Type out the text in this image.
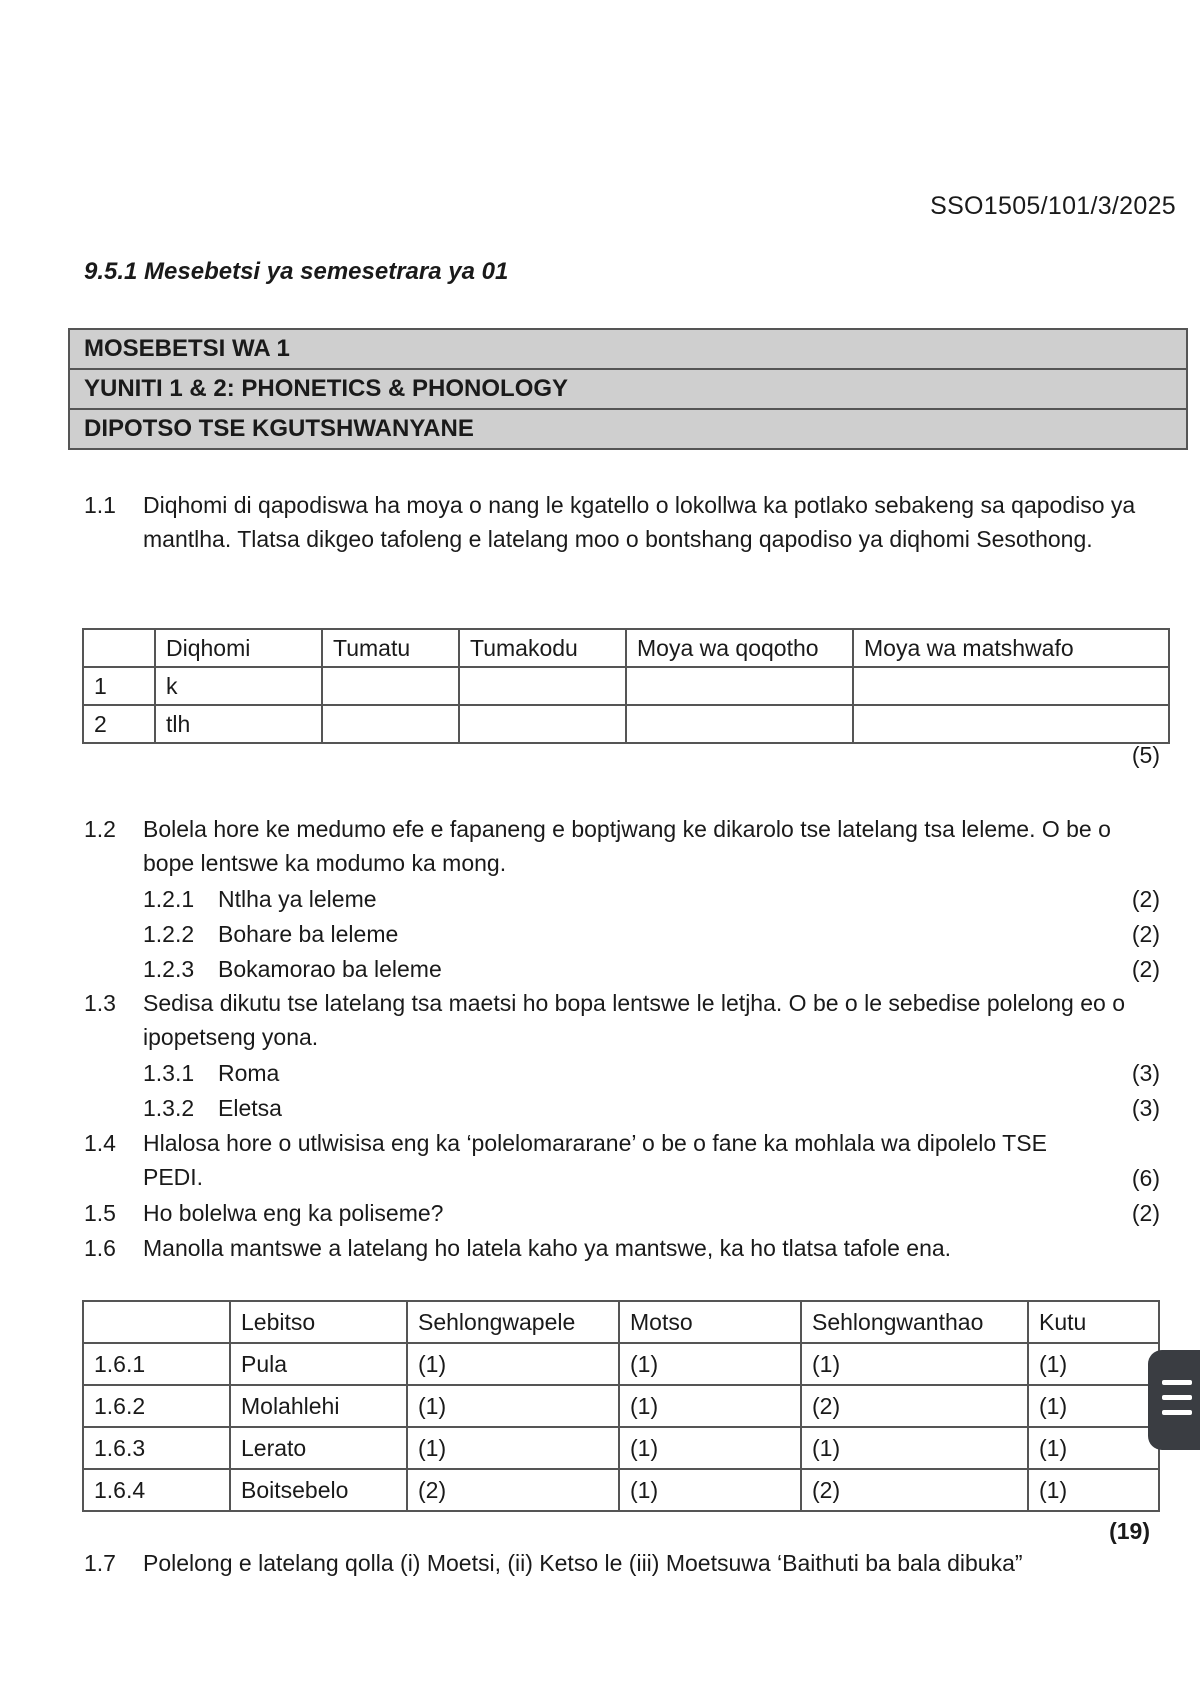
SSO1505/101/3/2025
9.5.1 Mesebetsi ya semesetrara ya 01
MOSEBETSI WA 1
YUNITI 1 & 2: PHONETICS & PHONOLOGY
DIPOTSO TSE KGUTSHWANYANE
1.1 Diqhomi di qapodiswa ha moya o nang le kgatello o lokollwa ka potlako sebakeng sa qapodiso ya mantlha. Tlatsa dikgeo tafoleng e latelang moo o bontshang qapodiso ya diqhomi Sesothong.
	Diqhomi	Tumatu	Tumakodu	Moya wa qoqotho	Moya wa matshwafo
1	k				
2	tlh				
(5)
1.2 Bolela hore ke medumo efe e fapaneng e boptjwang ke dikarolo tse latelang tsa leleme. O be o bope lentswe ka modumo ka mong.
1.2.1 Ntlha ya leleme	(2)
1.2.2 Bohare ba leleme	(2)
1.2.3 Bokamorao ba leleme	(2)
1.3 Sedisa dikutu tse latelang tsa maetsi ho bopa lentswe le letjha. O be o le sebedise polelong eo o ipopetseng yona.
1.3.1 Roma	(3)
1.3.2 Eletsa	(3)
1.4 Hlalosa hore o utlwisisa eng ka ‘polelomararane’ o be o fane ka mohlala wa dipolelo TSE PEDI.	(6)
1.5 Ho bolelwa eng ka poliseme?	(2)
1.6 Manolla mantswe a latelang ho latela kaho ya mantswe, ka ho tlatsa tafole ena.
	Lebitso	Sehlongwapele	Motso	Sehlongwanthao	Kutu
1.6.1	Pula	(1)	(1)	(1)	(1)
1.6.2	Molahlehi	(1)	(1)	(2)	(1)
1.6.3	Lerato	(1)	(1)	(1)	(1)
1.6.4	Boitsebelo	(2)	(1)	(2)	(1)
(19)
1.7 Polelong e latelang qolla (i) Moetsi, (ii) Ketso le (iii) Moetsuwa ‘Baithuti ba bala dibuka”
